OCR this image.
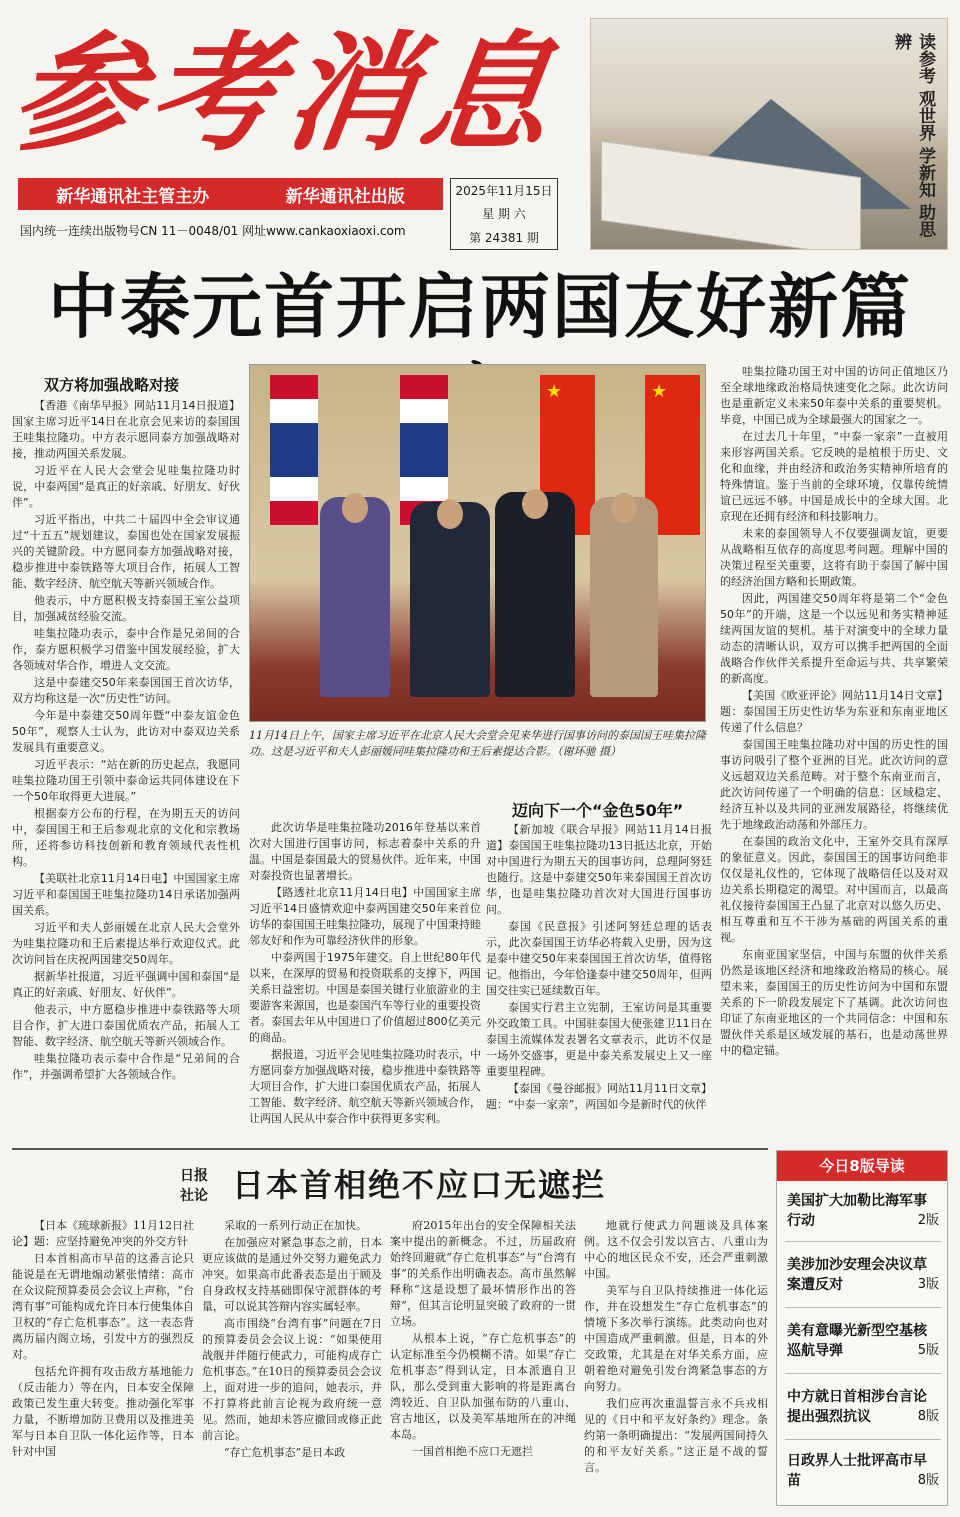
参考消息
新华通讯社主管主办	新华通讯社出版
国内统一连续出版物号CN 11－0048/01 网址www.cankaoxiaoxi.com
2025年11月15日
星 期 六
第 24381 期
读参考 观世界 学新知 助思辨
中泰元首开启两国友好新篇
双方将加强战略对接

【香港《南华早报》网站11月14日报道】国家主席习近平14日在北京会见来访的泰国国王哇集拉隆功。中方表示愿同泰方加强战略对接，推动两国关系发展。

习近平在人民大会堂会见哇集拉隆功时说，中泰两国“是真正的好亲戚、好朋友、好伙伴”。

习近平指出，中共二十届四中全会审议通过“十五五”规划建议，泰国也处在国家发展振兴的关键阶段。中方愿同泰方加强战略对接，稳步推进中泰铁路等大项目合作，拓展人工智能、数字经济、航空航天等新兴领域合作。

他表示，中方愿积极支持泰国王室公益项目，加强减贫经验交流。

哇集拉隆功表示，泰中合作是兄弟间的合作，泰方愿积极学习借鉴中国发展经验，扩大各领域对华合作，增进人文交流。

这是中泰建交50年来泰国国王首次访华，双方均称这是一次“历史性”访问。

今年是中泰建交50周年暨“中泰友谊金色50年”，观察人士认为，此访对中泰双边关系发展具有重要意义。

习近平表示：“站在新的历史起点，我愿同哇集拉隆功国王引领中泰命运共同体建设在下一个50年取得更大进展。”

根据泰方公布的行程，在为期五天的访问中，泰国国王和王后参观北京的文化和宗教场所，还将参访科技创新和教育领域代表性机构。

【美联社北京11月14日电】中国国家主席习近平和泰国国王哇集拉隆功14日承诺加强两国关系。

习近平和夫人彭丽媛在北京人民大会堂外为哇集拉隆功和王后素提达举行欢迎仪式。此次访问旨在庆祝两国建交50周年。

据新华社报道，习近平强调中国和泰国“是真正的好亲戚、好朋友、好伙伴”。

他表示，中方愿稳步推进中泰铁路等大项目合作，扩大进口泰国优质农产品，拓展人工智能、数字经济、航空航天等新兴领域合作。

哇集拉隆功表示泰中合作是“兄弟间的合作”，并强调希望扩大各领域合作。

★
★
11月14日上午，国家主席习近平在北京人民大会堂会见来华进行国事访问的泰国国王哇集拉隆功。这是习近平和夫人彭丽媛同哇集拉隆功和王后素提达合影。（谢环驰 摄）

此次访华是哇集拉隆功2016年登基以来首次对大国进行国事访问，标志着泰中关系的升温。中国是泰国最大的贸易伙伴。近年来，中国对泰投资也显著增长。

【路透社北京11月14日电】中国国家主席习近平14日盛情欢迎中泰两国建交50年来首位访华的泰国国王哇集拉隆功，展现了中国秉持睦邻友好和作为可靠经济伙伴的形象。

中泰两国于1975年建交。自上世纪80年代以来，在深厚的贸易和投资联系的支撑下，两国关系日益密切。中国是泰国关键行业旅游业的主要游客来源国，也是泰国汽车等行业的重要投资者。泰国去年从中国进口了价值超过800亿美元的商品。

据报道，习近平会见哇集拉隆功时表示，中方愿同泰方加强战略对接，稳步推进中泰铁路等大项目合作，扩大进口泰国优质农产品，拓展人工智能、数字经济、航空航天等新兴领域合作，让两国人民从中泰合作中获得更多实利。

迈向下一个“金色50年”

【新加坡《联合早报》网站11月14日报道】泰国国王哇集拉隆功13日抵达北京，开始对中国进行为期五天的国事访问，总理阿努廷也随行。这是中泰建交50年来泰国国王首次访华，也是哇集拉隆功首次对大国进行国事访问。

泰国《民意报》引述阿努廷总理的话表示，此次泰国国王访华必将载入史册，因为这是泰中建交50年来泰国国王首次访华，值得铭记。他指出，今年恰逢泰中建交50周年，但两国交往实已延续数百年。

泰国实行君主立宪制，王室访问是其重要外交政策工具。中国驻泰国大使张建卫11日在泰国主流媒体发表署名文章表示，此访不仅是一场外交盛事，更是中泰关系发展史上又一座重要里程碑。

【泰国《曼谷邮报》网站11月11日文章】题：“中泰一家亲”，两国如今是新时代的伙伴

哇集拉隆功国王对中国的访问正值地区乃至全球地缘政治格局快速变化之际。此次访问也是重新定义未来50年泰中关系的重要契机。毕竟，中国已成为全球最强大的国家之一。

在过去几十年里，“中泰一家亲”一直被用来形容两国关系。它反映的是植根于历史、文化和血缘，并由经济和政治务实精神所培育的特殊情谊。鉴于当前的全球环境，仅靠传统情谊已远远不够。中国是成长中的全球大国。北京现在还拥有经济和科技影响力。

未来的泰国领导人不仅要强调友谊，更要从战略相互依存的高度思考问题。理解中国的决策过程至关重要，这将有助于泰国了解中国的经济治国方略和长期政策。

因此，两国建交50周年将是第二个“金色50年”的开端，这是一个以远见和务实精神延续两国友谊的契机。基于对演变中的全球力量动态的清晰认识，双方可以携手把两国的全面战略合作伙伴关系提升至命运与共、共享繁荣的新高度。

【美国《欧亚评论》网站11月14日文章】题：泰国国王历史性访华为东亚和东南亚地区传递了什么信息？

泰国国王哇集拉隆功对中国的历史性的国事访问吸引了整个亚洲的目光。此次访问的意义远超双边关系范畴。对于整个东南亚而言，此次访问传递了一个明确的信息：区域稳定、经济互补以及共同的亚洲发展路径，将继续优先于地缘政治动荡和外部压力。

在泰国的政治文化中，王室外交具有深厚的象征意义。因此，泰国国王的国事访问绝非仅仅是礼仪性的，它体现了战略信任以及对双边关系长期稳定的渴望。对中国而言，以最高礼仪接待泰国国王凸显了北京对以悠久历史、相互尊重和互不干涉为基础的两国关系的重视。

东南亚国家坚信，中国与东盟的伙伴关系仍然是该地区经济和地缘政治格局的核心。展望未来，泰国国王的历史性访问为中国和东盟关系的下一阶段发展定下了基调。此次访问也印证了东南亚地区的一个共同信念：中国和东盟伙伴关系是区域发展的基石，也是动荡世界中的稳定锚。

日报
社论 日本首相绝不应口无遮拦

【日本《琉球新报》11月12日社论】题：应坚持避免冲突的外交方针

日本首相高市早苗的这番言论只能说是在无谓地煽动紧张情绪：高市在众议院预算委员会会议上声称，“台湾有事”可能构成允许日本行使集体自卫权的“存亡危机事态”。这一表态背离历届内阁立场，引发中方的强烈反对。

包括允许拥有攻击敌方基地能力（反击能力）等在内，日本安全保障政策已发生重大转变。推动强化军事力量，不断增加防卫费用以及推进美军与日本自卫队一体化运作等，日本针对中国

采取的一系列行动正在加快。

在加强应对紧急事态之前，日本更应该做的是通过外交努力避免武力冲突。如果高市此番表态是出于顾及自身政权支持基础即保守派群体的考量，可以说其答辩内容实属轻率。

高市围绕“台湾有事”问题在7日的预算委员会会议上说：“如果使用战舰并伴随行使武力，可能构成存亡危机事态。”在10日的预算委员会会议上，面对进一步的追问，她表示，并不打算将此前言论视为政府统一意见。然而，她却未答应撤回或修正此前言论。

“存亡危机事态”是日本政

府2015年出台的安全保障相关法案中提出的新概念。不过，历届政府始终回避就“存亡危机事态”与“台湾有事”的关系作出明确表态。高市虽然解释称“这是设想了最坏情形作出的答辩”，但其言论明显突破了政府的一贯立场。

从根本上说，“存亡危机事态”的认定标准至今仍模糊不清。如果“存亡危机事态”得到认定，日本派遣自卫队，那么受到重大影响的将是距离台湾较近、自卫队加强布防的八重山、宫古地区，以及美军基地所在的冲绳本岛。

一国首相绝不应口无遮拦

地就行使武力问题谈及具体案例。这不仅会引发以宫古、八重山为中心的地区民众不安，还会严重刺激中国。

美军与自卫队持续推进一体化运作，并在设想发生“存亡危机事态”的情境下多次举行演练。此类动向也对中国造成严重刺激。但是，日本的外交政策，尤其是在对华关系方面，应朝着绝对避免引发台湾紧急事态的方向努力。

我们应再次重温誓言永不兵戎相见的《日中和平友好条约》理念。条约第一条明确提出：“发展两国间持久的和平友好关系。”这正是不战的誓言。

今日8版导读
美国扩大加勒比海军事行动	2版
美涉加沙安理会决议草案遭反对	3版
美有意曝光新型空基核巡航导弹	5版
中方就日首相涉台言论提出强烈抗议	8版
日政界人士批评高市早苗	8版
